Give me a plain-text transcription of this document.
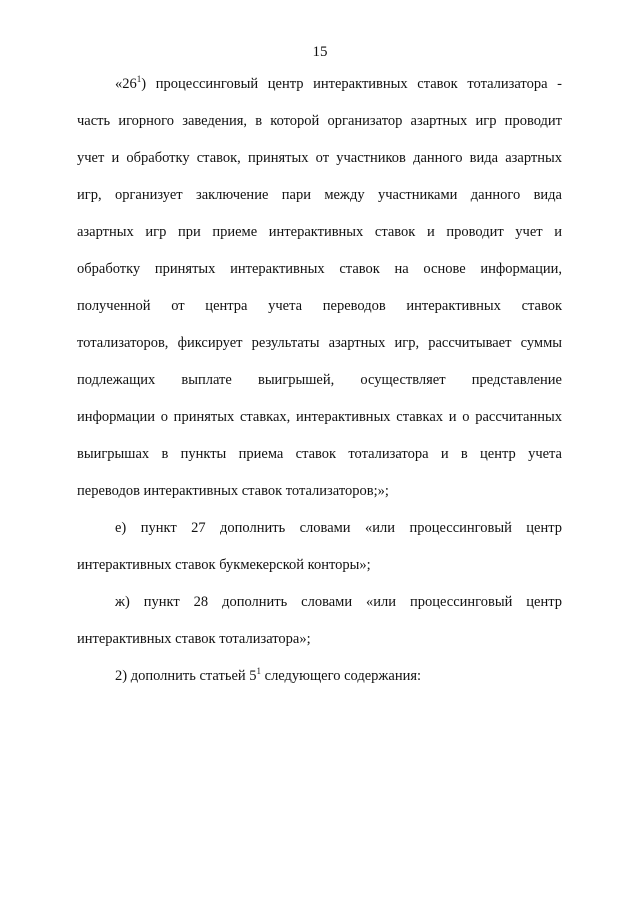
15
«$26^1$) процессинговый центр интерактивных ставок тотализатора -
часть игорного заведения, в которой организатор азартных игр проводит
учет и обработку ставок, принятых от участников данного вида азартных
игр, организует заключение пари между участниками данного вида
азартных игр при приеме интерактивных ставок и проводит учет и
обработку принятых интерактивных ставок на основе информации,
полученной от центра учета переводов интерактивных ставок
тотализаторов, фиксирует результаты азартных игр, рассчитывает суммы
подлежащих выплате выигрышей, осуществляет представление
информации о принятых ставках, интерактивных ставках и о рассчитанных
выигрышах в пункты приема ставок тотализатора и в центр учета
переводов интерактивных ставок тотализаторов;»;
е) пункт 27 дополнить словами «или процессинговый центр
интерактивных ставок букмекерской конторы»;
ж) пункт 28 дополнить словами «или процессинговый центр
интерактивных ставок тотализатора»;
2) дополнить статьей $5^1$ следующего содержания:
